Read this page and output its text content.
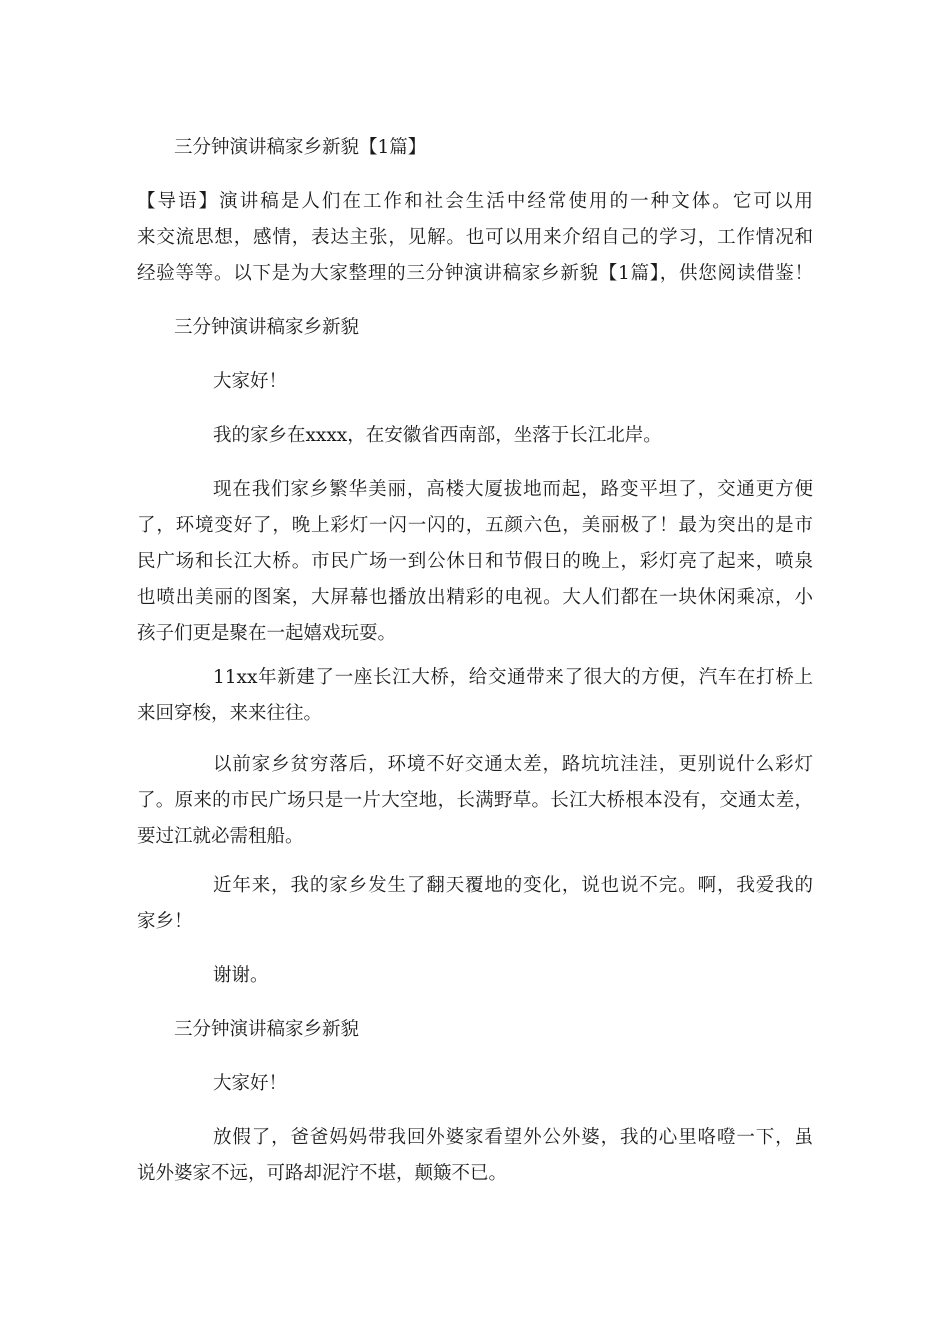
三分钟演讲稿家乡新貌【1篇】
【导语】演讲稿是人们在工作和社会生活中经常使用的一种文体。它可以用
来交流思想，感情，表达主张，见解。也可以用来介绍自己的学习，工作情况和
经验等等。以下是为大家整理的三分钟演讲稿家乡新貌【1篇】，供您阅读借鉴！
三分钟演讲稿家乡新貌
大家好！
我的家乡在xxxx，在安徽省西南部，坐落于长江北岸。
现在我们家乡繁华美丽，高楼大厦拔地而起，路变平坦了，交通更方便
了，环境变好了，晚上彩灯一闪一闪的，五颜六色，美丽极了！最为突出的是市
民广场和长江大桥。市民广场一到公休日和节假日的晚上，彩灯亮了起来，喷泉
也喷出美丽的图案，大屏幕也播放出精彩的电视。大人们都在一块休闲乘凉，小
孩子们更是聚在一起嬉戏玩耍。
11xx年新建了一座长江大桥，给交通带来了很大的方便，汽车在打桥上
来回穿梭，来来往往。
以前家乡贫穷落后，环境不好交通太差，路坑坑洼洼，更别说什么彩灯
了。原来的市民广场只是一片大空地，长满野草。长江大桥根本没有，交通太差，
要过江就必需租船。
近年来，我的家乡发生了翻天覆地的变化，说也说不完。啊，我爱我的
家乡！
谢谢。
三分钟演讲稿家乡新貌
大家好！
放假了，爸爸妈妈带我回外婆家看望外公外婆，我的心里咯噔一下，虽
说外婆家不远，可路却泥泞不堪，颠簸不已。
